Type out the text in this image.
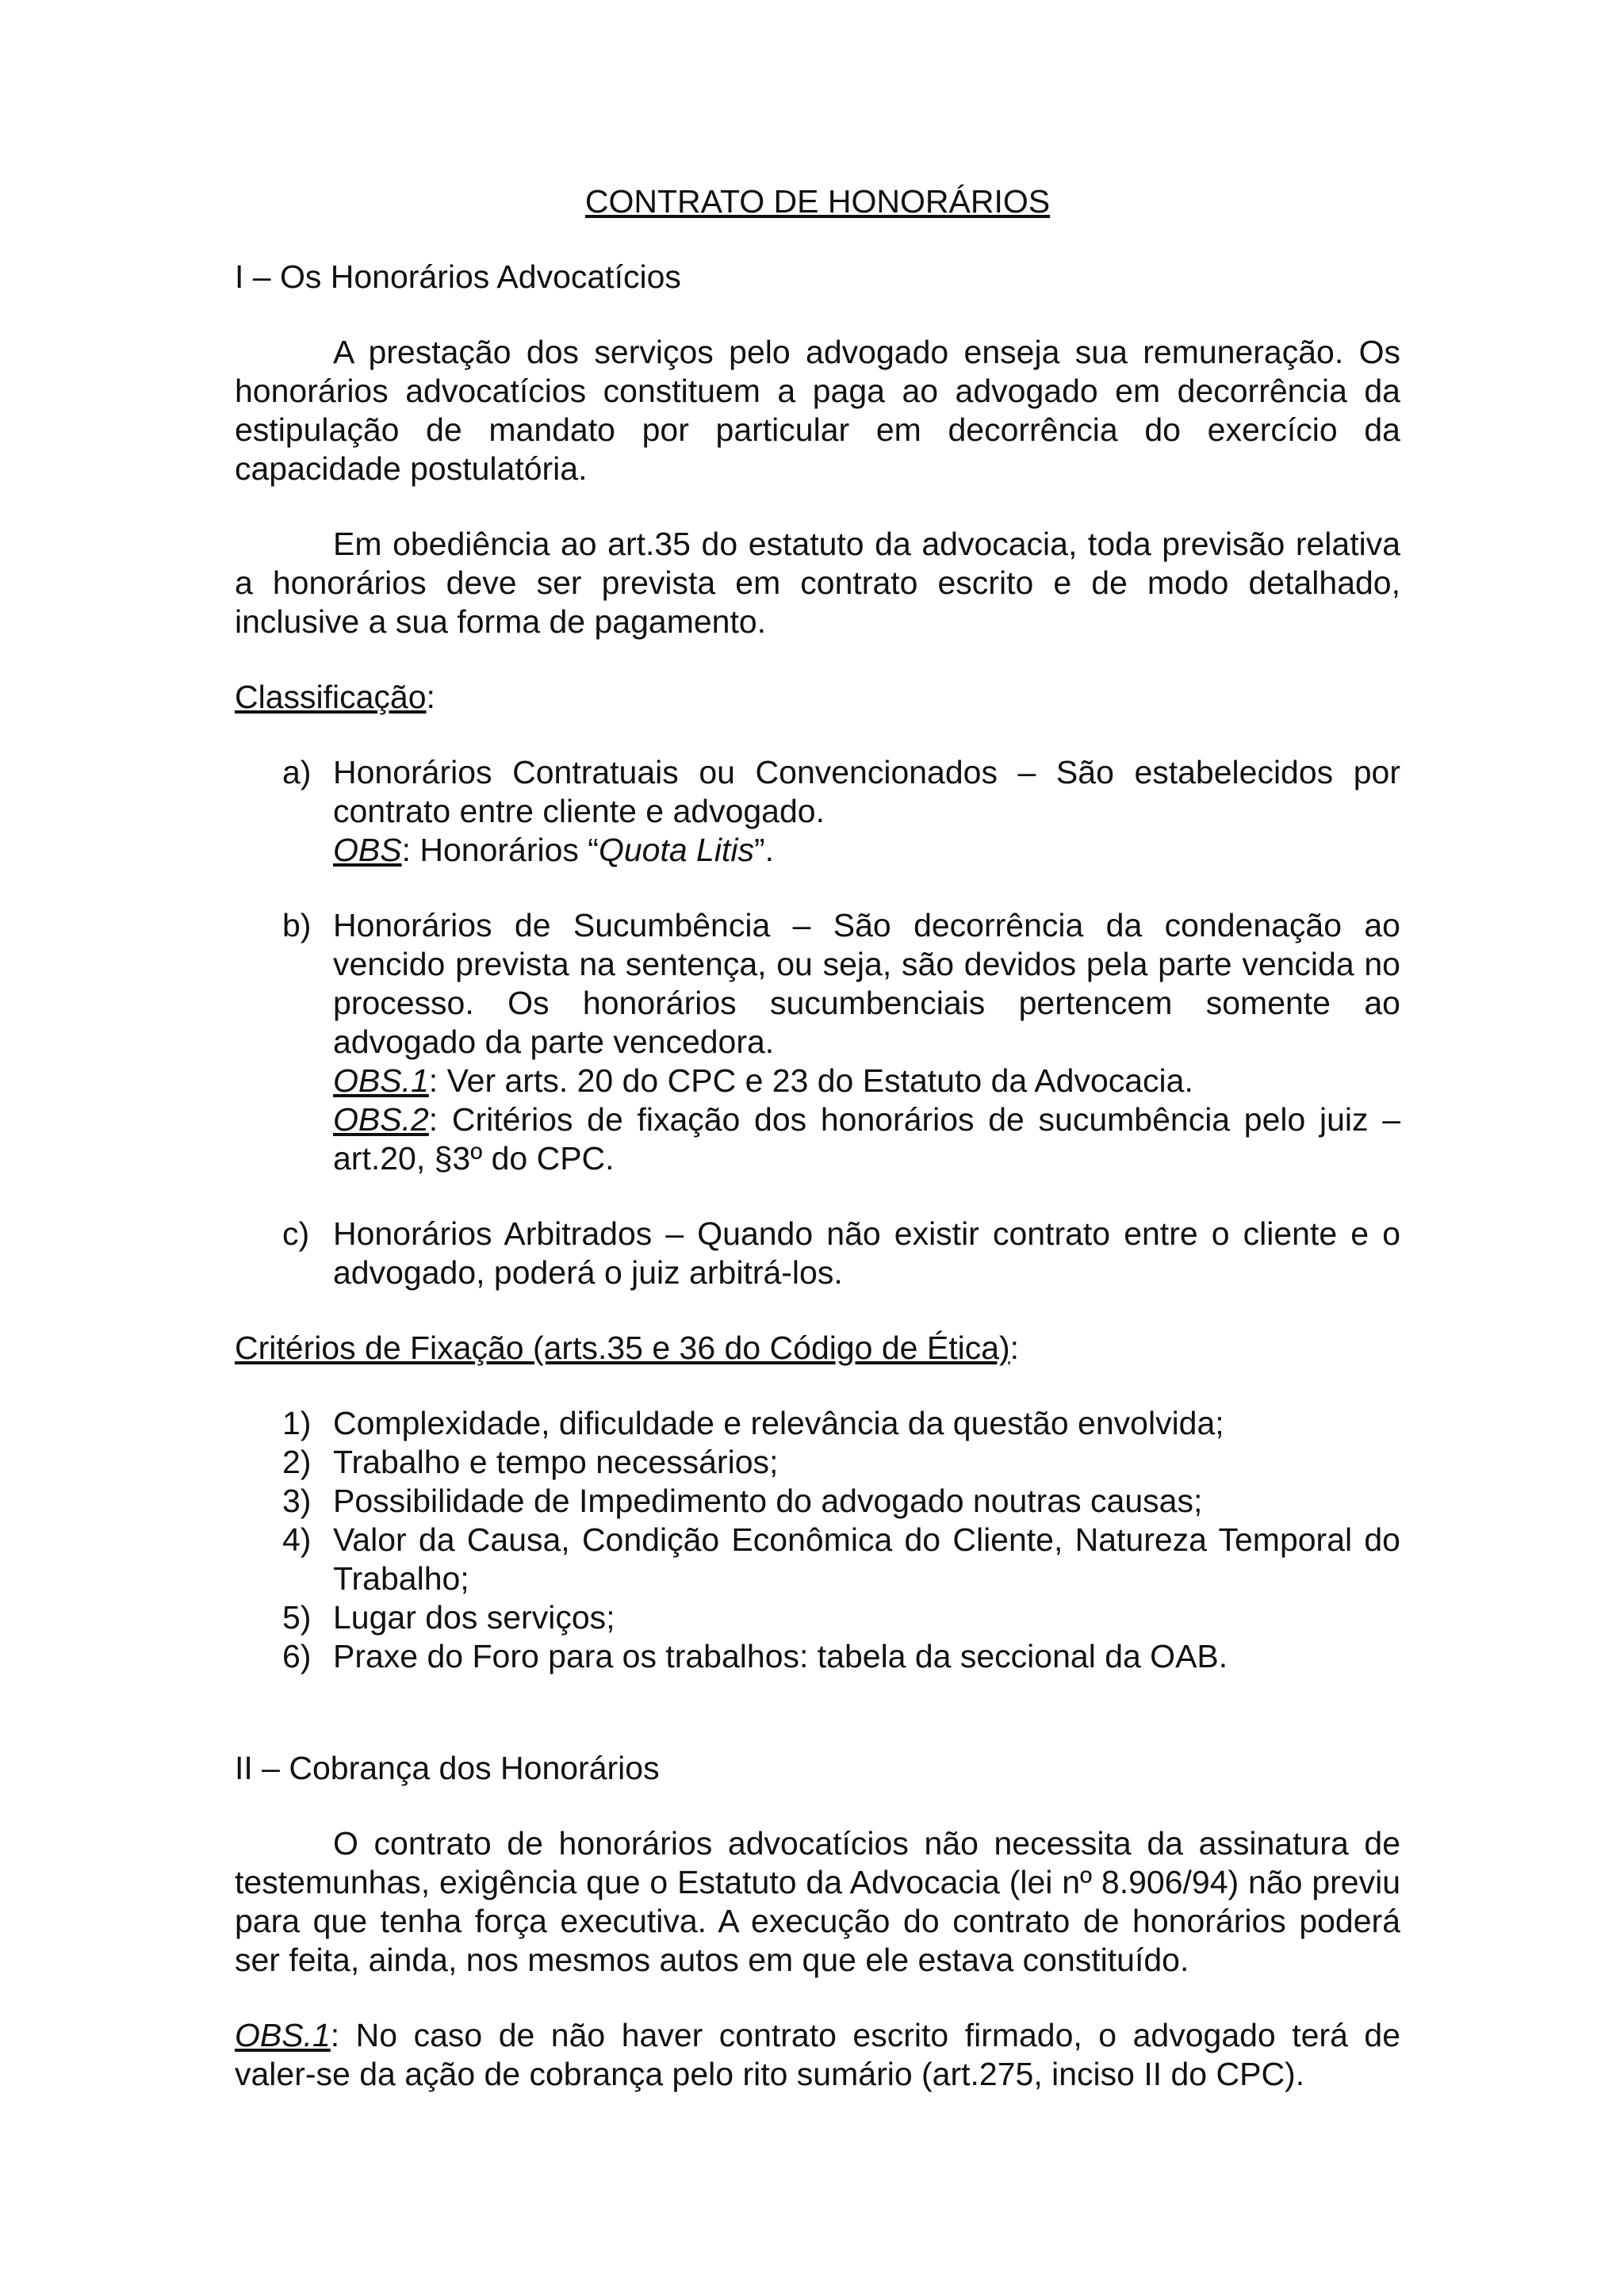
CONTRATO DE HONORÁRIOS

I – Os Honorários Advocatícios

A prestação dos serviços pelo advogado enseja sua remuneração. Os honorários advocatícios constituem a paga ao advogado em decorrência da estipulação de mandato por particular em decorrência do exercício da capacidade postulatória.

Em obediência ao art.35 do estatuto da advocacia, toda previsão relativa a honorários deve ser prevista em contrato escrito e de modo detalhado, inclusive a sua forma de pagamento.

Classificação:

a) Honorários Contratuais ou Convencionados – São estabelecidos por contrato entre cliente e advogado.
OBS: Honorários “Quota Litis”.
b) Honorários de Sucumbência – São decorrência da condenação ao vencido prevista na sentença, ou seja, são devidos pela parte vencida no processo. Os honorários sucumbenciais pertencem somente ao advogado da parte vencedora.
OBS.1: Ver arts. 20 do CPC e 23 do Estatuto da Advocacia.
OBS.2: Critérios de fixação dos honorários de sucumbência pelo juiz – art.20, §3º do CPC.
c) Honorários Arbitrados – Quando não existir contrato entre o cliente e o advogado, poderá o juiz arbitrá-los.

Critérios de Fixação (arts.35 e 36 do Código de Ética):

1) Complexidade, dificuldade e relevância da questão envolvida;
2) Trabalho e tempo necessários;
3) Possibilidade de Impedimento do advogado noutras causas;
4) Valor da Causa, Condição Econômica do Cliente, Natureza Temporal do Trabalho;
5) Lugar dos serviços;
6) Praxe do Foro para os trabalhos: tabela da seccional da OAB.

II – Cobrança dos Honorários

O contrato de honorários advocatícios não necessita da assinatura de testemunhas, exigência que o Estatuto da Advocacia (lei nº 8.906/94) não previu para que tenha força executiva. A execução do contrato de honorários poderá ser feita, ainda, nos mesmos autos em que ele estava constituído.

OBS.1: No caso de não haver contrato escrito firmado, o advogado terá de valer-se da ação de cobrança pelo rito sumário (art.275, inciso II do CPC).
